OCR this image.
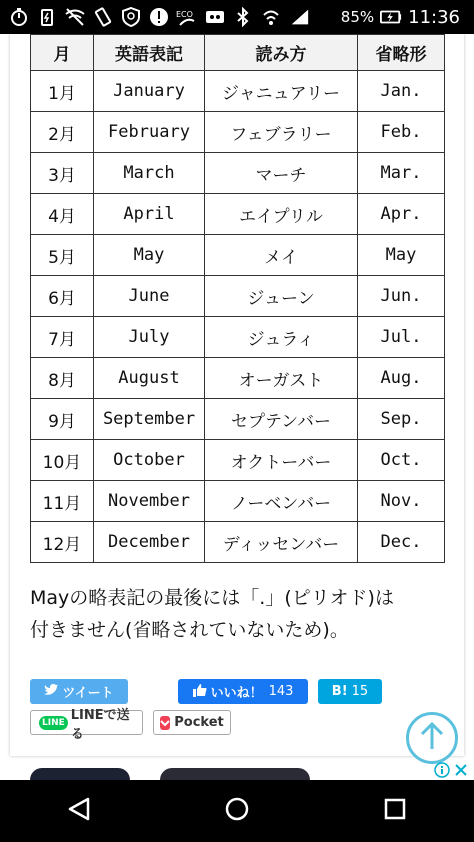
ECO	85% 11:36
月	英語表記	読み方	省略形
1月	January	ジャニュアリー	Jan.
2月	February	フェブラリー	Feb.
3月	March	マーチ	Mar.
4月	April	エイプリル	Apr.
5月	May	メイ	May
6月	June	ジューン	Jun.
7月	July	ジュラィ	Jul.
8月	August	オーガスト	Aug.
9月	September	セプテンバー	Sep.
10月	October	オクトーバー	Oct.
11月	November	ノーベンバー	Nov.
12月	December	ディッセンバー	Dec.
Mayの略表記の最後には「.」(ピリオド)は
付きません(省略されていないため)。
ツイート	いいね！ 143	B! 15
LINE LINEで送る
Pocket
